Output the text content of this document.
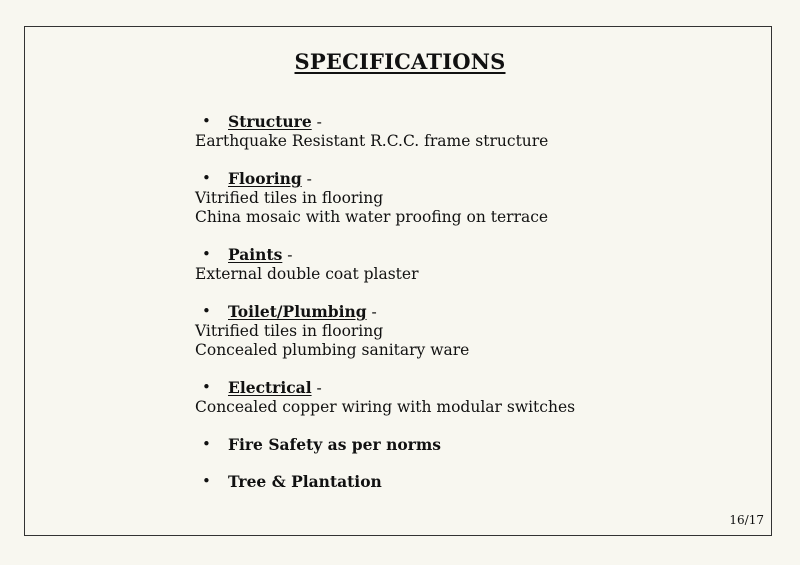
SPECIFICATIONS
• Structure -
Earthquake Resistant R.C.C. frame structure
• Flooring -
Vitrified tiles in flooring
China mosaic with water proofing on terrace
• Paints -
External double coat plaster
• Toilet/Plumbing -
Vitrified tiles in flooring
Concealed plumbing sanitary ware
• Electrical -
Concealed copper wiring with modular switches
• Fire Safety as per norms
• Tree & Plantation
16/17
